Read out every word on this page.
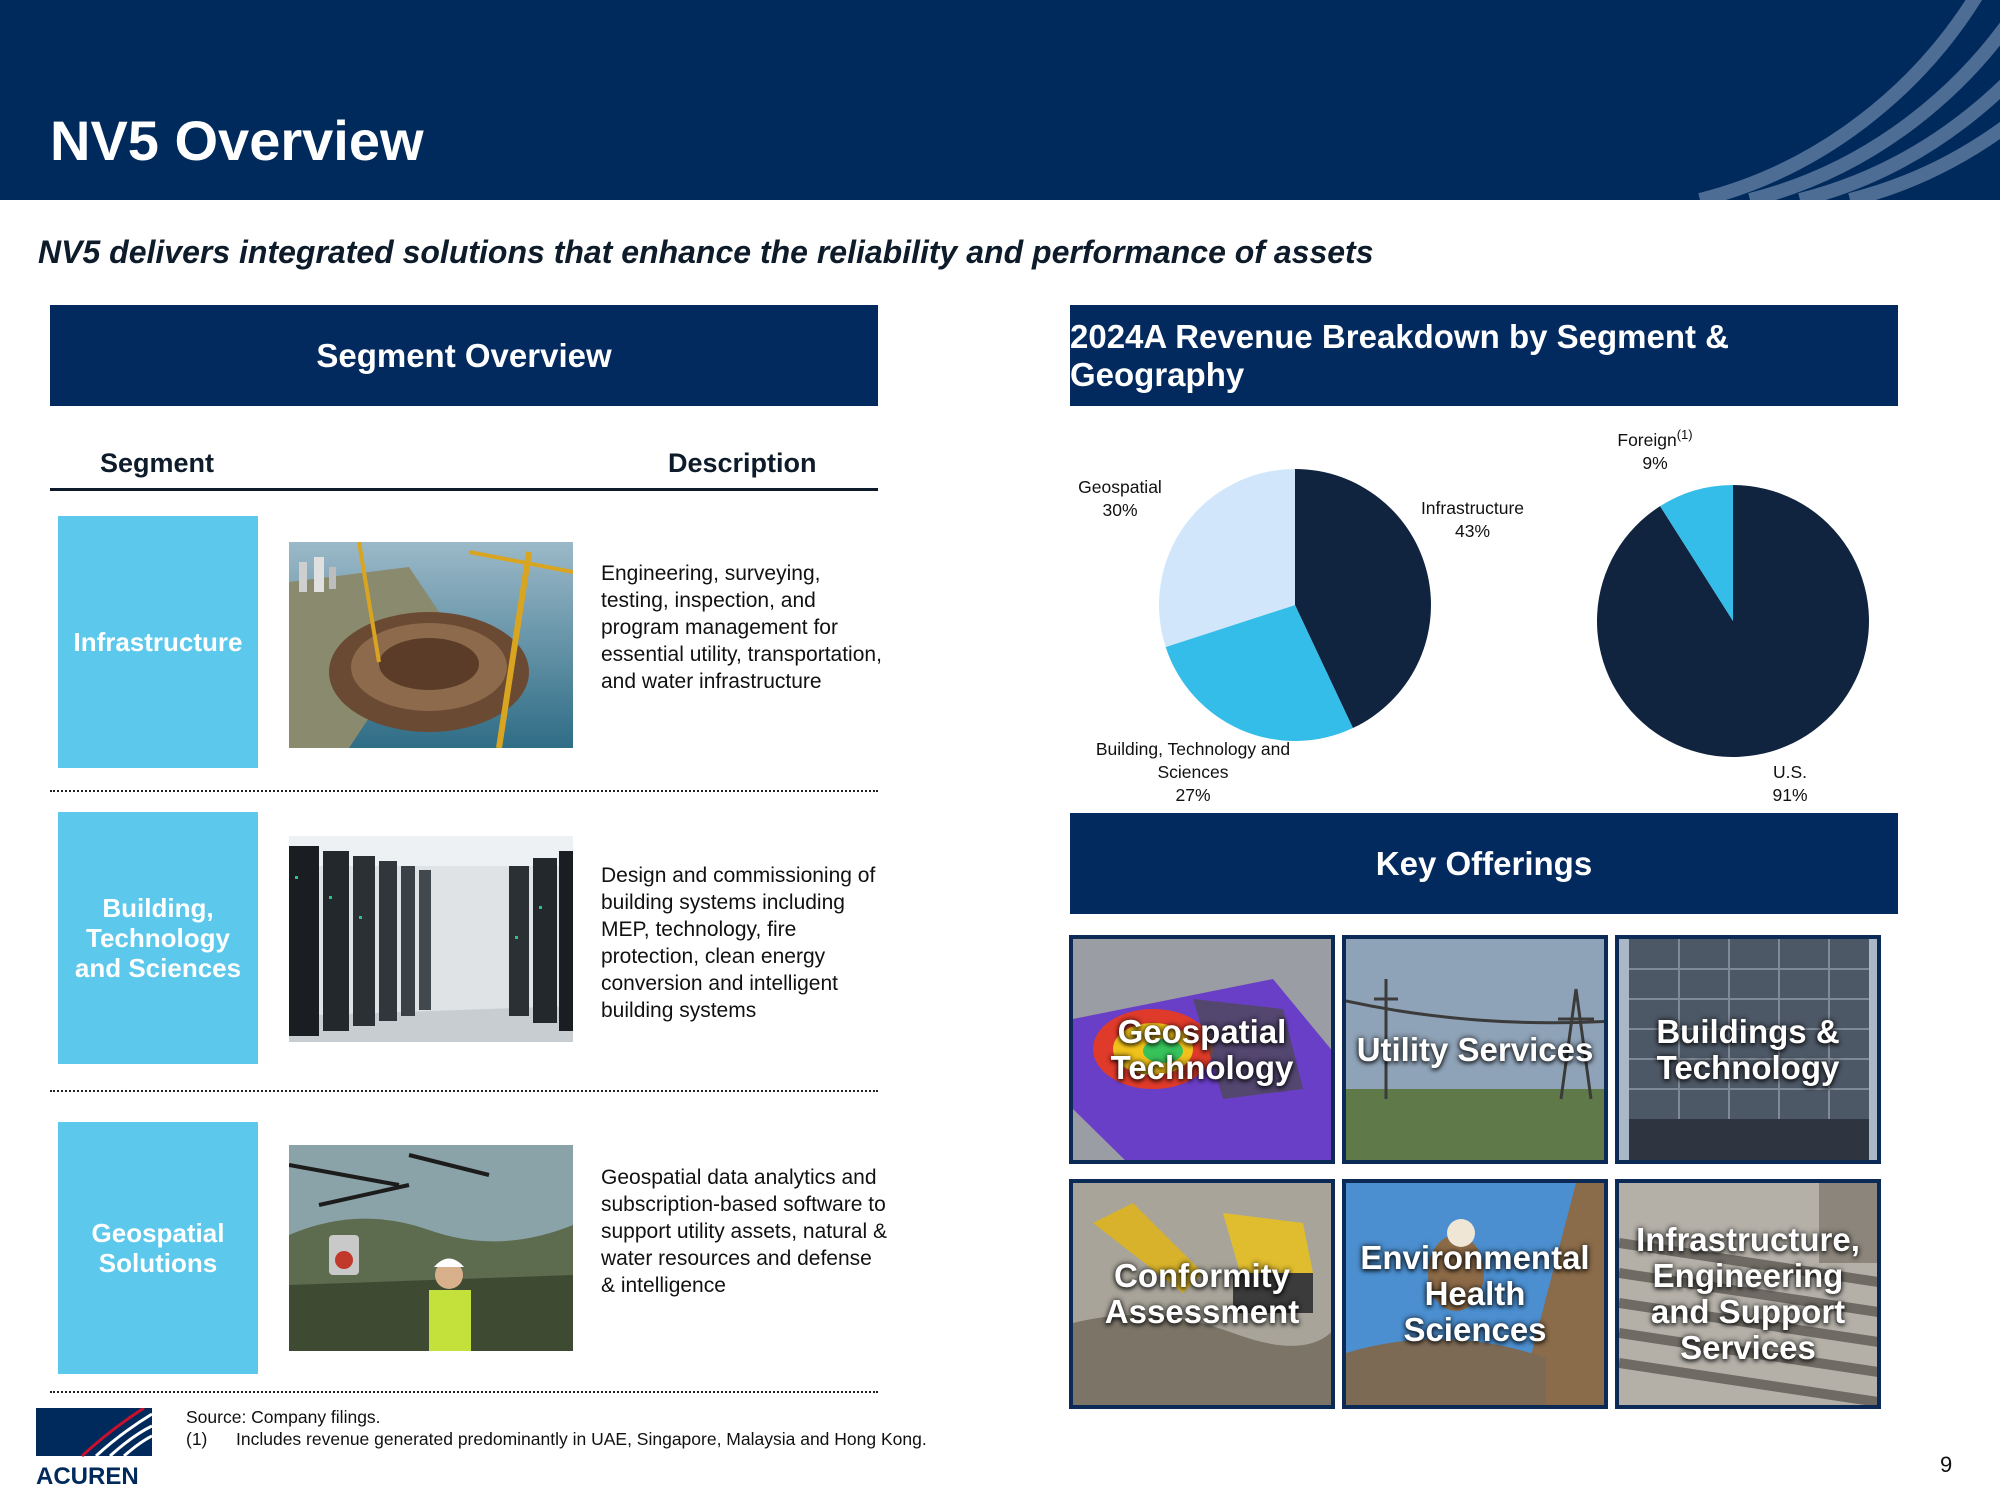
NV5 Overview
NV5 delivers integrated solutions that enhance the reliability and performance of assets
Segment Overview
Segment	Description
Infrastructure
Engineering, surveying, testing, inspection, and program management for essential utility, transportation, and water infrastructure
Building, Technology and Sciences
Design and commissioning of building systems including MEP, technology, fire protection, clean energy conversion and intelligent building systems
Geospatial Solutions
Geospatial data analytics and subscription-based software to support utility assets, natural & water resources and defense & intelligence
2024A Revenue Breakdown by Segment & Geography
Geospatial
30%	Infrastructure
43%
Building, Technology and
Sciences
27%
Foreign$^{(1)}$
9%
U.S.
91%
Key Offerings
Geospatial Technology	Utility Services	Buildings & Technology
Conformity Assessment
Environmental Health Sciences
Infrastructure, Engineering and Support Services
ACUREN
Source: Company filings.
(1) Includes revenue generated predominantly in UAE, Singapore, Malaysia and Hong Kong.
9
